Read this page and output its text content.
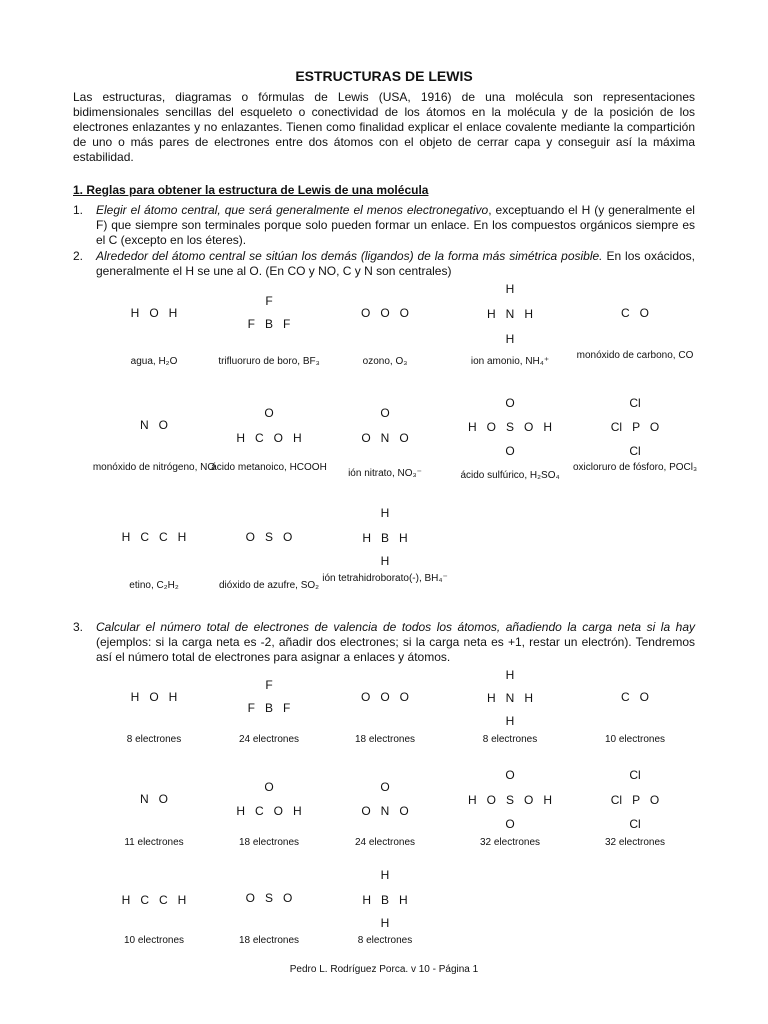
ESTRUCTURAS DE LEWIS
Las estructuras, diagramas o fórmulas de Lewis (USA, 1916) de una molécula son representaciones bidimensionales sencillas del esqueleto o conectividad de los átomos en la molécula y de la posición de los electrones enlazantes y no enlazantes. Tienen como finalidad explicar el enlace covalente mediante la compartición de uno o más pares de electrones entre dos átomos con el objeto de cerrar capa y conseguir así la máxima estabilidad.
1. Reglas para obtener la estructura de Lewis de una molécula
1. Elegir el átomo central, que será generalmente el menos electronegativo, exceptuando el H (y generalmente el F) que siempre son terminales porque solo pueden formar un enlace. En los compuestos orgánicos siempre es el C (excepto en los éteres).
2. Alrededor del átomo central se sitúan los demás (ligandos) de la forma más simétrica posible. En los oxácidos, generalmente el H se une al O. (En CO y NO, C y N son centrales)
H   O   H
agua, H₂O
F
F   B   F
trifluoruro de boro, BF₃
O   O   O
ozono, O₃
H
H   N   H
H
ion amonio, NH₄⁺
C   O
monóxido de carbono, CO
N   O
monóxido de nitrógeno, NO
O
H   C   O   H
ácido metanoico, HCOOH
O
O   N   O
ión nitrato, NO₃⁻
O
H   O   S   O   H
O
ácido sulfúrico, H₂SO₄
Cl
Cl   P   O
Cl
oxicloruro de fósforo, POCl₃
H   C   C   H
etino, C₂H₂
O   S   O
dióxido de azufre, SO₂
H
H   B   H
H
ión tetrahidroborato(-), BH₄⁻
3. Calcular el número total de electrones de valencia de todos los átomos, añadiendo la carga neta si la hay (ejemplos: si la carga neta es -2, añadir dos electrones; si la carga neta es +1, restar un electrón). Tendremos así el número total de electrones para asignar a enlaces y átomos.
H   O   H
8 electrones
F
F   B   F
24 electrones
O   O   O
18 electrones
H
H   N   H
H
8 electrones
C   O
10 electrones
N   O
11 electrones
O
H   C   O   H
18 electrones
O
O   N   O
24 electrones
O
H   O   S   O   H
O
32 electrones
Cl
Cl   P   O
Cl
32 electrones
H   C   C   H
10 electrones
O   S   O
18 electrones
H
H   B   H
H
8 electrones
Pedro L. Rodríguez Porca. v 10 - Página 1
